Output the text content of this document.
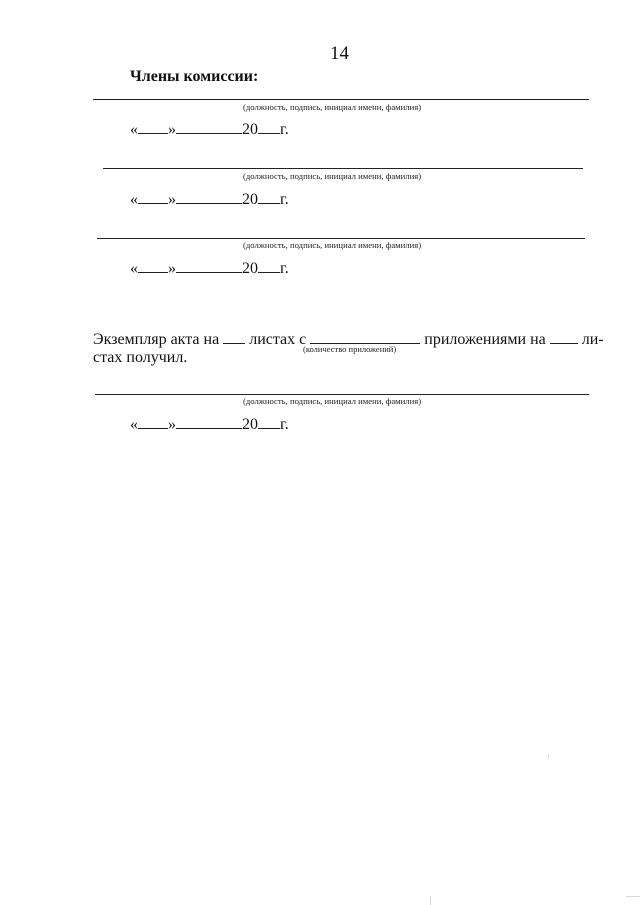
14
Члены комиссии:
(должность, подпись, инициал имени, фамилия)
« »	20 г.
(должность, подпись, инициал имени, фамилия)
« »	20 г.
(должность, подпись, инициал имени, фамилия)
« »	20 г.
Экземпляр акта на листах с	приложениями на ли-
(количество приложений)
стах получил.
(должность, подпись, инициал имени, фамилия)
« »	20 г.
